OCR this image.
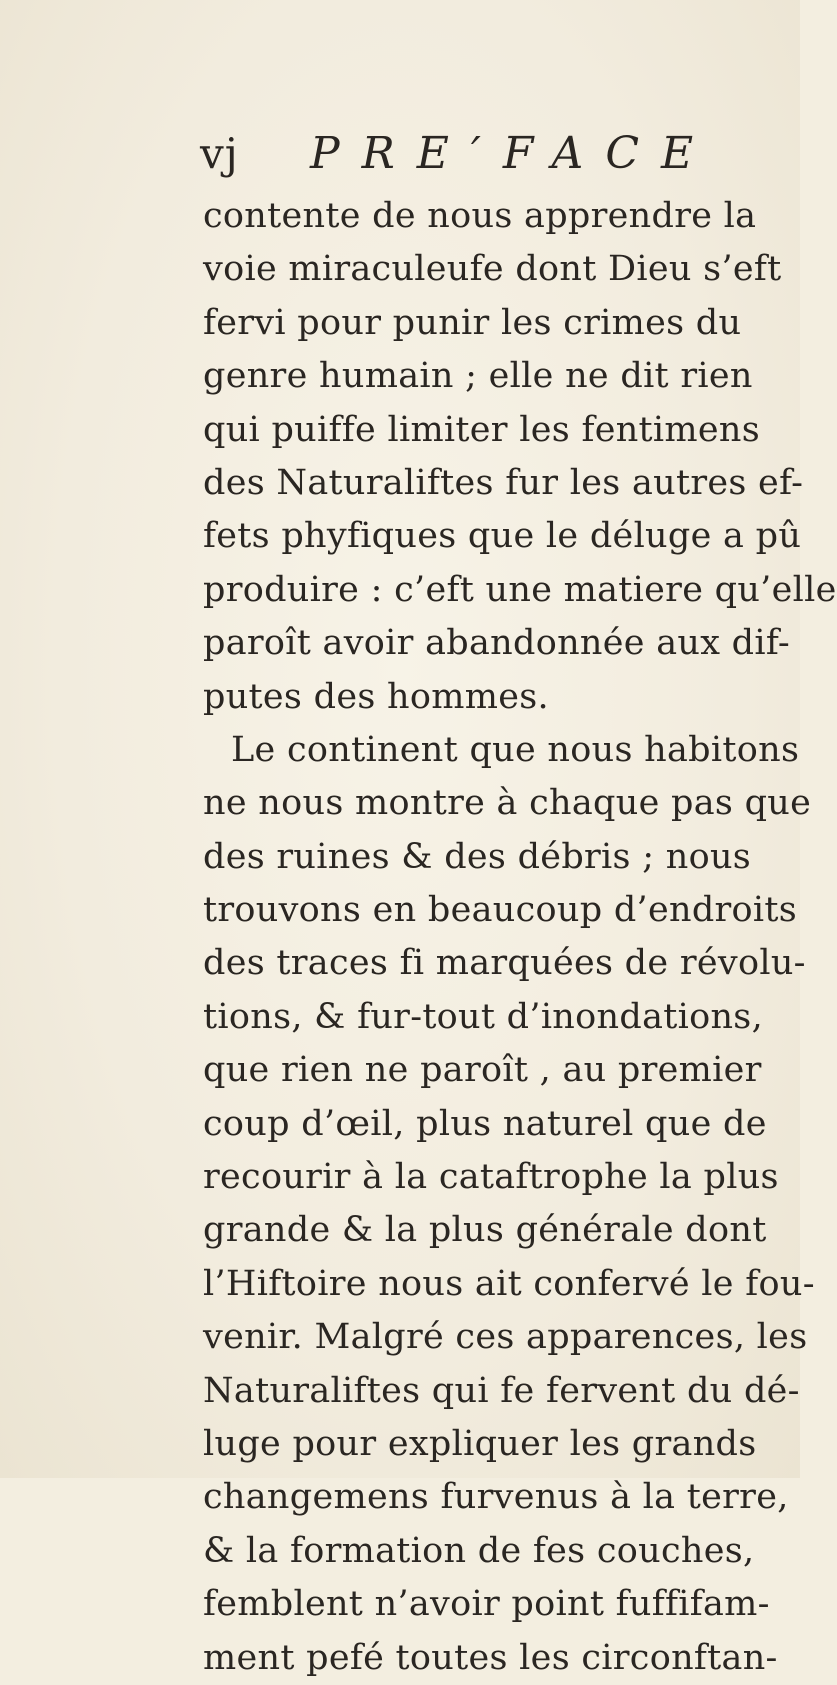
vj	PRE′FACE
contente de nous apprendre la
voie miraculeufe dont Dieu s’eft
fervi pour punir les crimes du
genre humain ; elle ne dit rien
qui puiffe limiter les fentimens
des Naturaliftes fur les autres ef-
fets phyfiques que le déluge a pû
produire : c’eft une matiere qu’elle
paroît avoir abandonnée aux dif-
putes des hommes.
Le continent que nous habitons
ne nous montre à chaque pas que
des ruines & des débris ; nous
trouvons en beaucoup d’endroits
des traces fi marquées de révolu-
tions, & fur-tout d’inondations,
que rien ne paroît , au premier
coup d’œil, plus naturel que de
recourir à la cataftrophe la plus
grande & la plus générale dont
l’Hiftoire nous ait confervé le fou-
venir. Malgré ces apparences, les
Naturaliftes qui fe fervent du dé-
luge pour expliquer les grands
changemens furvenus à la terre,
& la formation de fes couches,
femblent n’avoir point fuffifam-
ment pefé toutes les circonftan-
